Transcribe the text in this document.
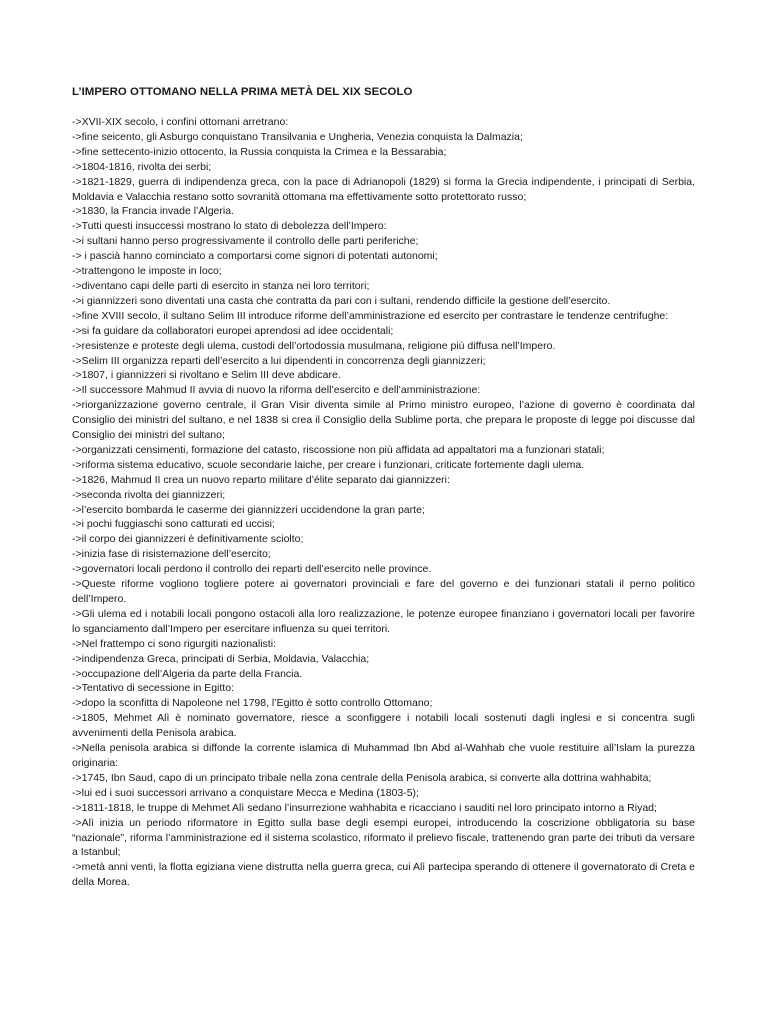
L’IMPERO OTTOMANO NELLA PRIMA METÀ DEL XIX SECOLO

->XVII-XIX secolo, i confini ottomani arretrano:

->fine seicento, gli Asburgo conquistano Transilvania e Ungheria, Venezia conquista la Dalmazia;

->fine settecento-inizio ottocento, la Russia conquista la Crimea e la Bessarabia;

->1804-1816, rivolta dei serbi;

->1821-1829, guerra di indipendenza greca, con la pace di Adrianopoli (1829) si forma la Grecia indipendente, i principati di Serbia, Moldavia e Valacchia restano sotto sovranità ottomana ma effettivamente sotto protettorato russo;

->1830, la Francia invade l’Algeria.

->Tutti questi insuccessi mostrano lo stato di debolezza dell’Impero:

->i sultani hanno perso progressivamente il controllo delle parti periferiche;

-> i pascià hanno cominciato a comportarsi come signori di potentati autonomi;

->trattengono le imposte in loco;

->diventano capi delle parti di esercito in stanza nei loro territori;

->i giannizzeri sono diventati una casta che contratta da pari con i sultani, rendendo difficile la gestione dell’esercito.

->fine XVIII secolo, il sultano Selim III introduce riforme dell’amministrazione ed esercito per contrastare le tendenze centrifughe:

->si fa guidare da collaboratori europei aprendosi ad idee occidentali;

->resistenze e proteste degli ulema, custodi dell’ortodossia musulmana, religione più diffusa nell’Impero.

->Selim III organizza reparti dell’esercito a lui dipendenti in concorrenza degli giannizzeri;

->1807, i giannizzeri si rivoltano e Selim III deve abdicare.

->Il successore Mahmud II avvia di nuovo la riforma dell’esercito e dell’amministrazione:

->riorganizzazione governo centrale, il Gran Visir diventa simile al Primo ministro europeo, l’azione di governo è coordinata dal Consiglio dei ministri del sultano, e nel 1838 si crea il Consiglio della Sublime porta, che prepara le proposte di legge poi discusse dal Consiglio dei ministri del sultano;

->organizzati censimenti, formazione del catasto, riscossione non più affidata ad appaltatori ma a funzionari statali;

->riforma sistema educativo, scuole secondarie laiche, per creare i funzionari, criticate fortemente dagli ulema.

->1826, Mahmud II crea un nuovo reparto militare d’élite separato dai giannizzeri:

->seconda rivolta dei giannizzeri;

->l’esercito bombarda le caserme dei giannizzeri uccidendone la gran parte;

->i pochi fuggiaschi sono catturati ed uccisi;

->il corpo dei giannizzeri è definitivamente sciolto;

->inizia fase di risistemazione dell’esercito;

->governatori locali perdono il controllo dei reparti dell’esercito nelle province.

->Queste riforme vogliono togliere potere ai governatori provinciali e fare del governo e dei funzionari statali il perno politico dell’Impero.

->Gli ulema ed i notabili locali pongono ostacoli alla loro realizzazione, le potenze europee finanziano i governatori locali per favorire lo sganciamento dall’Impero per esercitare influenza su quei territori.

->Nel frattempo ci sono rigurgiti nazionalisti:

->indipendenza Greca, principati di Serbia, Moldavia, Valacchia;

->occupazione dell’Algeria da parte della Francia.

->Tentativo di secessione in Egitto:

->dopo la sconfitta di Napoleone nel 1798, l’Egitto è sotto controllo Ottomano;

->1805, Mehmet Alì è nominato governatore, riesce a sconfiggere i notabili locali sostenuti dagli inglesi e si concentra sugli avvenimenti della Penisola arabica.

->Nella penisola arabica si diffonde la corrente islamica di Muhammad Ibn Abd al-Wahhab che vuole restituire all’Islam la purezza originaria:

->1745, Ibn Saud, capo di un principato tribale nella zona centrale della Penisola arabica, si converte alla dottrina wahhabita;

->lui ed i suoi successori arrivano a conquistare Mecca e Medina (1803-5);

->1811-1818, le truppe di Mehmet Alì sedano l’insurrezione wahhabita e ricacciano i sauditi nel loro principato intorno a Riyad;

->Alì inizia un periodo riformatore in Egitto sulla base degli esempi europei, introducendo la coscrizione obbligatoria su base “nazionale”, riforma l’amministrazione ed il sistema scolastico, riformato il prelievo fiscale, trattenendo gran parte dei tributi da versare a Istanbul;

->metà anni venti, la flotta egiziana viene distrutta nella guerra greca, cui Alì partecipa sperando di ottenere il governatorato di Creta e della Morea.
